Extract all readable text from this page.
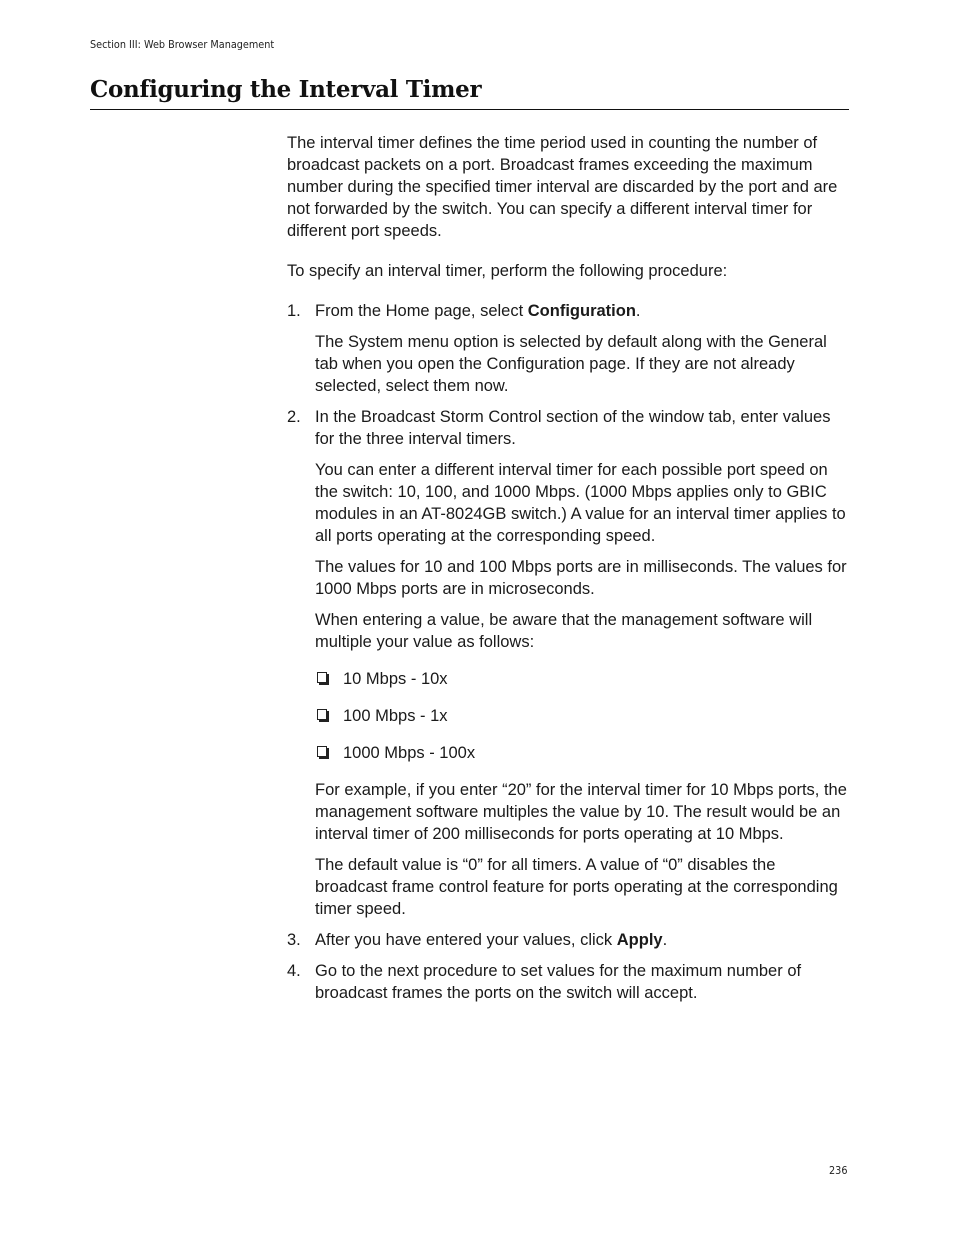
Section III: Web Browser Management
Configuring the Interval Timer

The interval timer defines the time period used in counting the number of broadcast packets on a port. Broadcast frames exceeding the maximum number during the specified timer interval are discarded by the port and are not forwarded by the switch. You can specify a different interval timer for different port speeds.

To specify an interval timer, perform the following procedure:

1. From the Home page, select Configuration.

The System menu option is selected by default along with the General tab when you open the Configuration page. If they are not already selected, select them now.

2. In the Broadcast Storm Control section of the window tab, enter values for the three interval timers.

You can enter a different interval timer for each possible port speed on the switch: 10, 100, and 1000 Mbps. (1000 Mbps applies only to GBIC modules in an AT-8024GB switch.) A value for an interval timer applies to all ports operating at the corresponding speed.

The values for 10 and 100 Mbps ports are in milliseconds. The values for 1000 Mbps ports are in microseconds.

When entering a value, be aware that the management software will multiple your value as follows:

10 Mbps - 10x
100 Mbps - 1x
1000 Mbps - 100x

For example, if you enter “20” for the interval timer for 10 Mbps ports, the management software multiples the value by 10. The result would be an interval timer of 200 milliseconds for ports operating at 10 Mbps.

The default value is “0” for all timers. A value of “0” disables the broadcast frame control feature for ports operating at the corresponding timer speed.

3. After you have entered your values, click Apply.

4. Go to the next procedure to set values for the maximum number of broadcast frames the ports on the switch will accept.

236
